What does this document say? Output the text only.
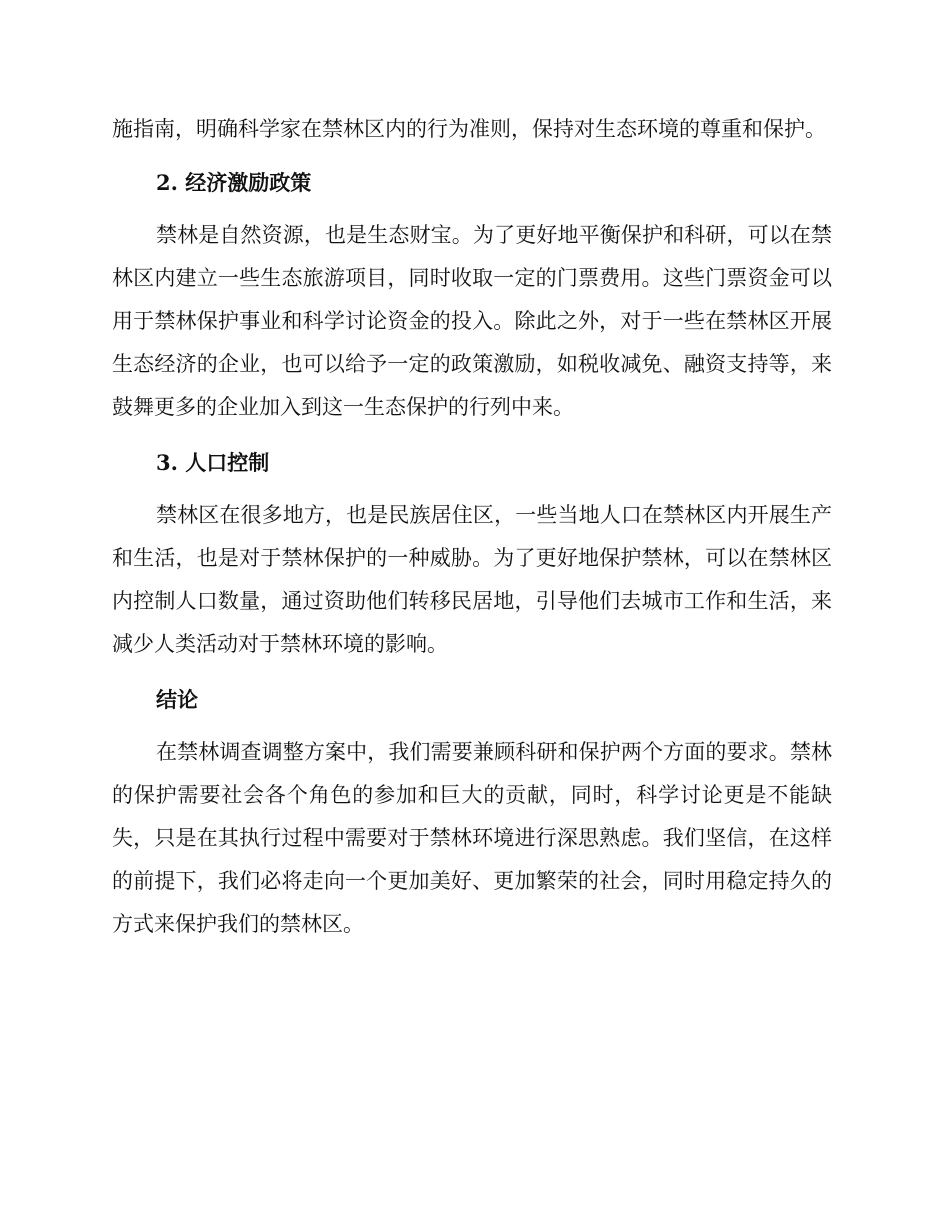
施指南，明确科学家在禁林区内的行为准则，保持对生态环境的尊重和保护。

2. 经济激励政策

禁林是自然资源，也是生态财宝。为了更好地平衡保护和科研，可以在禁林区内建立一些生态旅游项目，同时收取一定的门票费用。这些门票资金可以用于禁林保护事业和科学讨论资金的投入。除此之外，对于一些在禁林区开展生态经济的企业，也可以给予一定的政策激励，如税收减免、融资支持等，来鼓舞更多的企业加入到这一生态保护的行列中来。

3. 人口控制

禁林区在很多地方，也是民族居住区，一些当地人口在禁林区内开展生产和生活，也是对于禁林保护的一种威胁。为了更好地保护禁林，可以在禁林区内控制人口数量，通过资助他们转移民居地，引导他们去城市工作和生活，来减少人类活动对于禁林环境的影响。

结论

在禁林调查调整方案中，我们需要兼顾科研和保护两个方面的要求。禁林的保护需要社会各个角色的参加和巨大的贡献，同时，科学讨论更是不能缺失，只是在其执行过程中需要对于禁林环境进行深思熟虑。我们坚信，在这样的前提下，我们必将走向一个更加美好、更加繁荣的社会，同时用稳定持久的方式来保护我们的禁林区。
